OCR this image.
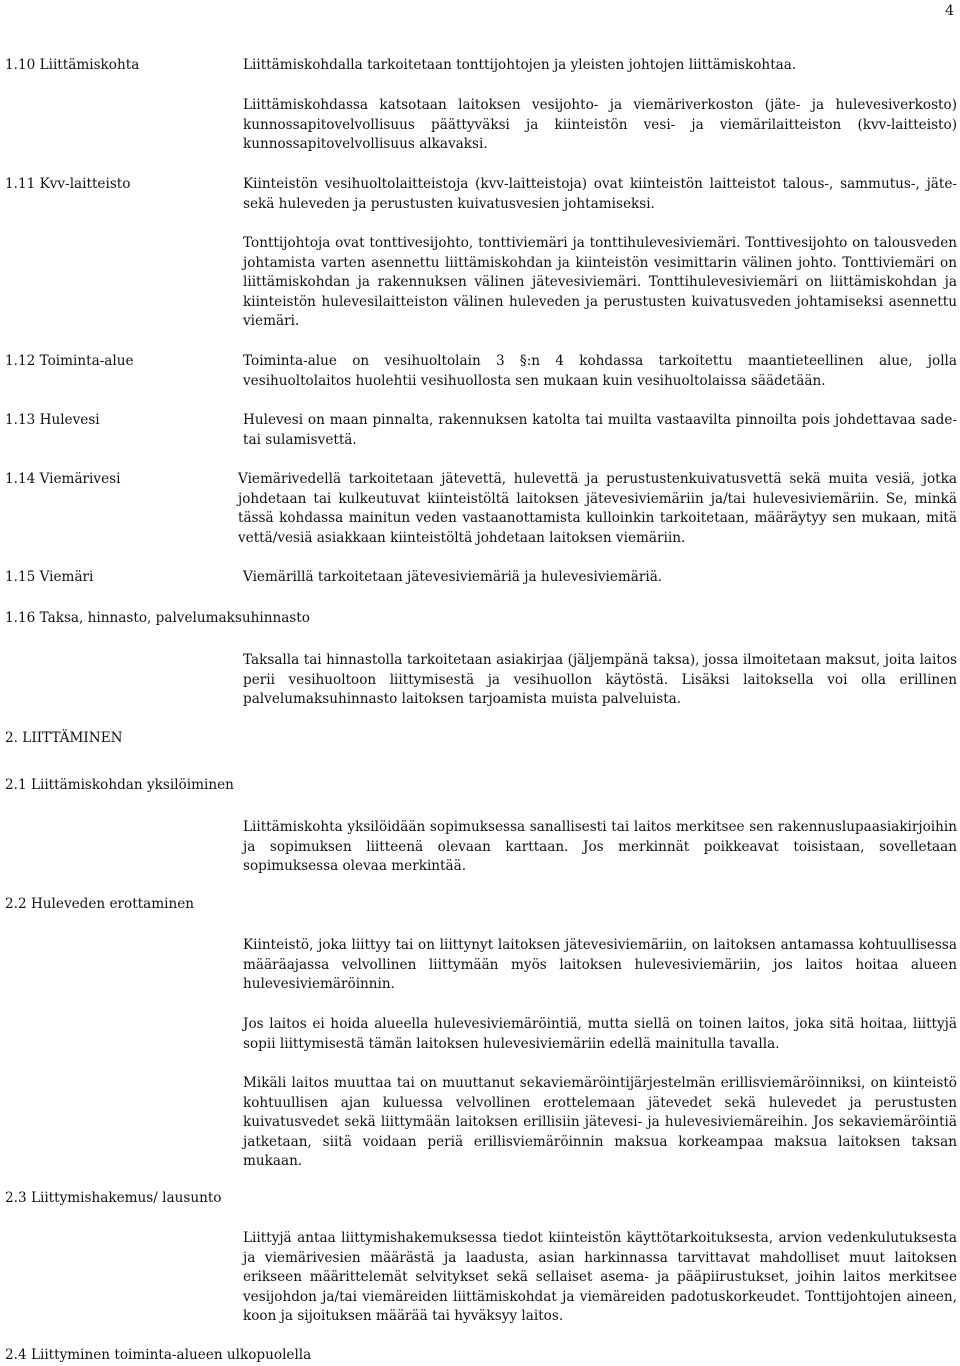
4
1.10 Liittämiskohta	Liittämiskohdalla tarkoitetaan tonttijohtojen ja yleisten johtojen liittämiskohtaa.
Liittämiskohdassa katsotaan laitoksen vesijohto- ja viemäriverkoston (jäte- ja hulevesiverkosto) kunnossapitovelvollisuus päättyväksi ja kiinteistön vesi- ja viemärilaitteiston (kvv-laitteisto) kunnossapitovelvollisuus alkavaksi.
1.11 Kvv-laitteisto	Kiinteistön vesihuoltolaitteistoja (kvv-laitteistoja) ovat kiinteistön laitteistot talous-, sammutus-, jäte- sekä huleveden ja perustusten kuivatusvesien johtamiseksi.
Tonttijohtoja ovat tonttivesijohto, tonttiviemäri ja tonttihulevesiviemäri. Tonttivesijohto on talousveden johtamista varten asennettu liittämiskohdan ja kiinteistön vesimittarin välinen johto. Tonttiviemäri on liittämiskohdan ja rakennuksen välinen jätevesiviemäri. Tonttihulevesiviemäri on liittämiskohdan ja kiinteistön hulevesilaitteiston välinen huleveden ja perustusten kuivatusveden johtamiseksi asennettu viemäri.
1.12 Toiminta-alue	Toiminta-alue on vesihuoltolain 3 §:n 4 kohdassa tarkoitettu maantieteellinen alue, jolla vesihuoltolaitos huolehtii vesihuollosta sen mukaan kuin vesihuoltolaissa säädetään.
1.13 Hulevesi	Hulevesi on maan pinnalta, rakennuksen katolta tai muilta vastaavilta pinnoilta pois johdettavaa sade- tai sulamisvettä.
1.14 Viemärivesi	Viemärivedellä tarkoitetaan jätevettä, hulevettä ja perustustenkuivatusvettä sekä muita vesiä, jotka johdetaan tai kulkeutuvat kiinteistöltä laitoksen jätevesiviemäriin ja/tai hulevesiviemäriin. Se, minkä tässä kohdassa mainitun veden vastaanottamista kulloinkin tarkoitetaan, määräytyy sen mukaan, mitä vettä/vesiä asiakkaan kiinteistöltä johdetaan laitoksen viemäriin.
1.15 Viemäri	Viemärillä tarkoitetaan jätevesiviemäriä ja hulevesiviemäriä.
1.16 Taksa, hinnasto, palvelumaksuhinnasto
Taksalla tai hinnastolla tarkoitetaan asiakirjaa (jäljempänä taksa), jossa ilmoitetaan maksut, joita laitos perii vesihuoltoon liittymisestä ja vesihuollon käytöstä. Lisäksi laitoksella voi olla erillinen palvelumaksuhinnasto laitoksen tarjoamista muista palveluista.
2. LIITTÄMINEN
2.1 Liittämiskohdan yksilöiminen
Liittämiskohta yksilöidään sopimuksessa sanallisesti tai laitos merkitsee sen rakennuslupaasiakirjoihin ja sopimuksen liitteenä olevaan karttaan. Jos merkinnät poikkeavat toisistaan, sovelletaan sopimuksessa olevaa merkintää.
2.2 Huleveden erottaminen
Kiinteistö, joka liittyy tai on liittynyt laitoksen jätevesiviemäriin, on laitoksen antamassa kohtuullisessa määräajassa velvollinen liittymään myös laitoksen hulevesiviemäriin, jos laitos hoitaa alueen hulevesiviemäröinnin.
Jos laitos ei hoida alueella hulevesiviemäröintiä, mutta siellä on toinen laitos, joka sitä hoitaa, liittyjä sopii liittymisestä tämän laitoksen hulevesiviemäriin edellä mainitulla tavalla.
Mikäli laitos muuttaa tai on muuttanut sekaviemäröintijärjestelmän erillisviemäröinniksi, on kiinteistö kohtuullisen ajan kuluessa velvollinen erottelemaan jätevedet sekä hulevedet ja perustusten kuivatusvedet sekä liittymään laitoksen erillisiin jätevesi- ja hulevesiviemäreihin. Jos sekaviemäröintiä jatketaan, siitä voidaan periä erillisviemäröinnin maksua korkeampaa maksua laitoksen taksan mukaan.
2.3 Liittymishakemus/ lausunto
Liittyjä antaa liittymishakemuksessa tiedot kiinteistön käyttötarkoituksesta, arvion vedenkulutuksesta ja viemärivesien määrästä ja laadusta, asian harkinnassa tarvittavat mahdolliset muut laitoksen erikseen määrittelemät selvitykset sekä sellaiset asema- ja pääpiirustukset, joihin laitos merkitsee vesijohdon ja/tai viemäreiden liittämiskohdat ja viemäreiden padotuskorkeudet. Tonttijohtojen aineen, koon ja sijoituksen määrää tai hyväksyy laitos.
2.4 Liittyminen toiminta-alueen ulkopuolella
